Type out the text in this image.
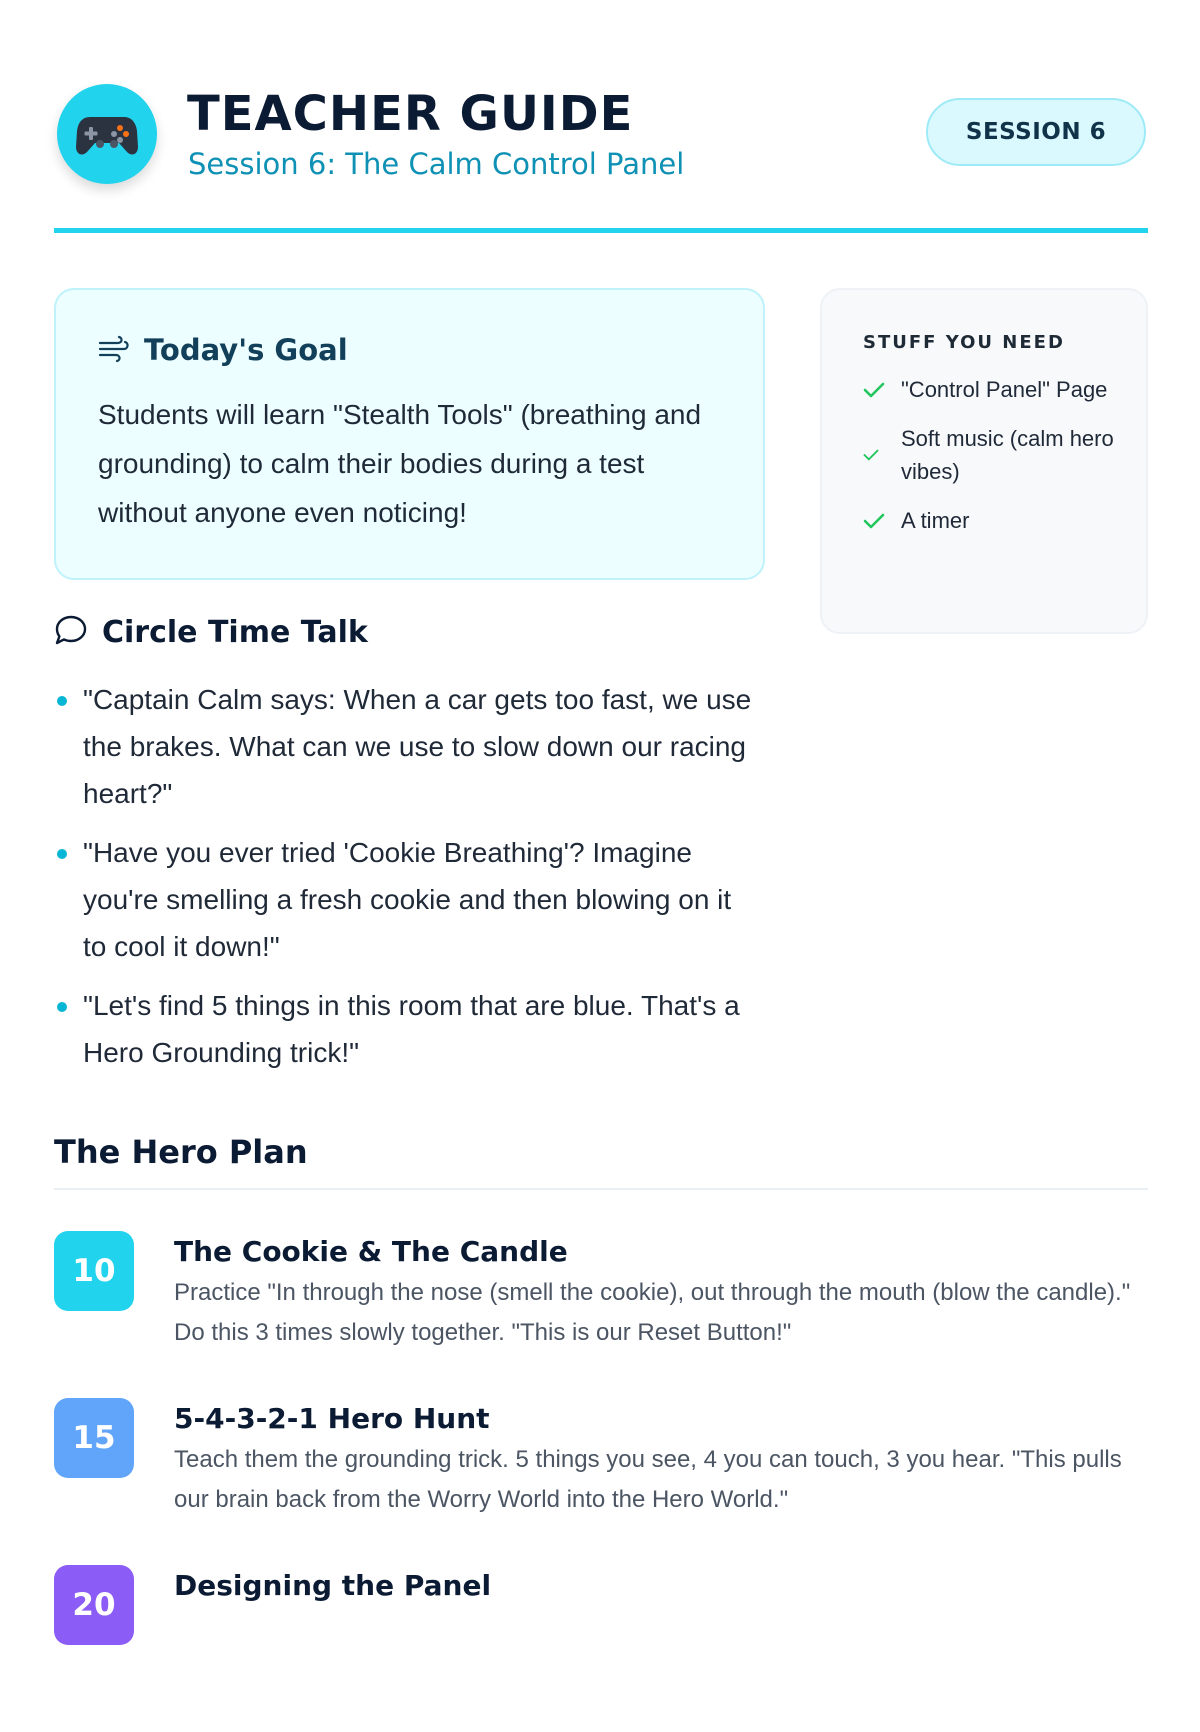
TEACHER GUIDE
Session 6: The Calm Control Panel
SESSION 6
Today's Goal

Students will learn "Stealth Tools" (breathing and grounding) to calm their bodies during a test without anyone even noticing!

STUFF YOU NEED
"Control Panel" Page
Soft music (calm hero vibes)
A timer
Circle Time Talk
"Captain Calm says: When a car gets too fast, we use the brakes. What can we use to slow down our racing heart?"
"Have you ever tried 'Cookie Breathing'? Imagine you're smelling a fresh cookie and then blowing on it to cool it down!"
"Let's find 5 things in this room that are blue. That's a Hero Grounding trick!"
The Hero Plan
10
The Cookie & The Candle
Practice "In through the nose (smell the cookie), out through the mouth (blow the candle)." Do this 3 times slowly together. "This is our Reset Button!"
15
5-4-3-2-1 Hero Hunt
Teach them the grounding trick. 5 things you see, 4 you can touch, 3 you hear. "This pulls our brain back from the Worry World into the Hero World."
20
Designing the Panel
